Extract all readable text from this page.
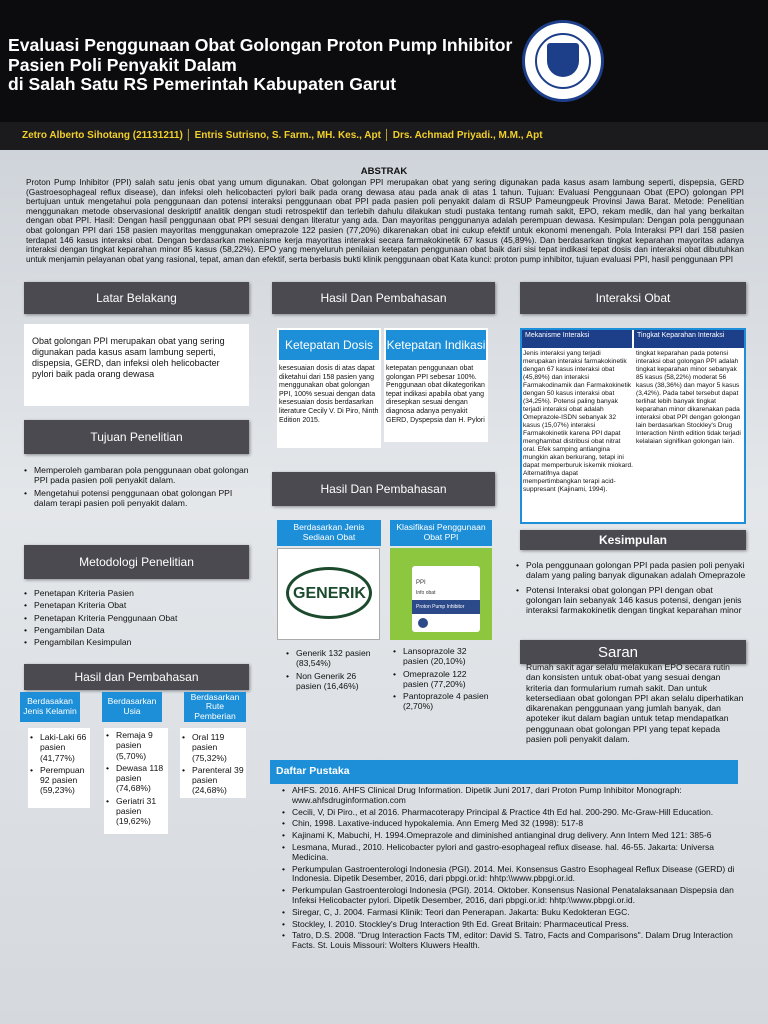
Evaluasi Penggunaan Obat Golongan Proton Pump Inhibitor
Pasien Poli Penyakit Dalam
di Salah Satu RS Pemerintah Kabupaten Garut
Zetro Alberto Sihotang (21131211) │ Entris Sutrisno, S. Farm., MH. Kes., Apt │ Drs. Achmad Priyadi., M.M., Apt
ABSTRAK
Proton Pump Inhibitor (PPI) salah satu jenis obat yang umum digunakan. Obat golongan PPI merupakan obat yang sering digunakan pada kasus asam lambung seperti, dispepsia, GERD (Gastroesophageal reflux disease), dan infeksi oleh helicobacteri pylori baik pada orang dewasa atau pada anak di atas 1 tahun. Tujuan: Evaluasi Penggunaan Obat (EPO) golongan PPI bertujuan untuk mengetahui pola penggunaan dan potensi interaksi penggunaan obat PPI pada pasien poli penyakit dalam di RSUP Pameungpeuk Provinsi Jawa Barat. Metode: Penelitian menggunakan metode observasional deskriptif analitik dengan studi retrospektif dan terlebih dahulu dilakukan studi pustaka tentang rumah sakit, EPO, rekam medik, dan hal yang berkaitan dengan obat PPI. Hasil: Dengan hasil penggunaan obat PPI sesuai dengan literatur yang ada. Dan mayoritas penggunanya adalah perempuan dewasa. Kesimpulan: Dengan pola penggunaan obat golongan PPI dari 158 pasien mayoritas menggunakan omeprazole 122 pasien (77,20%) dikarenakan obat ini cukup efektif untuk ekonomi menengah. Pola Interaksi PPI dari 158 pasien terdapat 146 kasus interaksi obat. Dengan berdasarkan mekanisme kerja mayoritas interaksi secara farmakokinetik 67 kasus (45,89%). Dan berdasarkan tingkat keparahan mayoritas adanya interaksi dengan tingkat keparahan minor 85 kasus (58,22%). EPO yang menyeluruh penilaian ketepatan penggunaan obat baik dari sisi tepat indikasi tepat dosis dan interaksi obat dibutuhkan untuk menjamin pelayanan obat yang rasional, tepat, aman dan efektif, serta berbasis bukti klinik penggunaan obat Kata kunci: proton pump inhibitor, tujuan evaluasi PPI, hasil penggunaan PPI
Latar Belakang
Obat golongan PPI merupakan obat yang sering digunakan pada kasus asam lambung seperti, dispepsia, GERD, dan infeksi oleh helicobacter pylori baik pada orang dewasa
Tujuan Penelitian
• Memperoleh gambaran pola penggunaan obat golongan PPI pada pasien poli penyakit dalam.
• Mengetahui potensi penggunaan obat golongan PPI dalam terapi pasien poli penyakit dalam.
Metodologi Penelitian
• Penetapan Kriteria Pasien
• Penetapan Kriteria Obat
• Penetapan Kriteria Penggunaan Obat
• Pengambilan Data
• Pengambilan Kesimpulan
Hasil dan Pembahasan
Berdasakan Jenis Kelamin
Berdasarkan Usia
Berdasarkan Rute Pemberian
• Laki-Laki 66 pasien (41,77%)
• Perempuan 92 pasien (59,23%)
• Remaja 9 pasien (5,70%)
• Dewasa 118 pasien (74,68%)
• Geriatri 31 pasien (19,62%)
• Oral 119 pasien (75,32%)
• Parenteral 39 pasien (24,68%)
Hasil Dan Pembahasan
Ketepatan Dosis	Ketepatan Indikasi
kesesuaian dosis di atas dapat diketahui dari 158 pasien yang menggunakan obat golongan PPI, 100% sesuai dengan data kesesuaian dosis berdasarkan literature Cecily V. Di Piro, Ninth Edition 2015.
ketepatan penggunaan obat golongan PPI sebesar 100%. Penggunaan obat dikategorikan tepat indikasi apabila obat yang diresepkan sesuai dengan diagnosa adanya penyakit GERD, Dyspepsia dan H. Pylori
Hasil Dan Pembahasan
Berdasarkan Jenis Sediaan Obat
Klasifikasi Penggunaan Obat PPI
GENERIK
PPI
Info obat
Proton Pump Inhibitor
• Generik 132 pasien (83,54%)
• Non Generik 26 pasien (16,46%)
• Lansoprazole 32 pasien (20,10%)
• Omeprazole 122 pasien (77,20%)
• Pantoprazole 4 pasien (2,70%)
Interaksi Obat
Mekanisme Interaksi	Tingkat Keparahan Interaksi
Jenis interaksi yang terjadi merupakan interaksi farmakokinetik dengan 67 kasus interaksi obat (45,89%) dan interaksi Farmakodinamik dan Farmakokinetik dengan 50 kasus interaksi obat (34,25%). Potensi paling banyak terjadi interaksi obat adalah Omeprazole-ISDN sebanyak 32 kasus (15,07%) interaksi Farmakokinetik karena PPI dapat menghambat distribusi obat nitrat oral. Efek samping antiangina mungkin akan berkurang, tetapi ini dapat memperburuk iskemik miokard. Alternatifnya dapat mempertimbangkan terapi acid-suppresant (Kajinami, 1994).
tingkat keparahan pada potensi interaksi obat golongan PPI adalah tingkat keparahan minor sebanyak 85 kasus (58,22%) moderat 56 kasus (38,36%) dan mayor 5 kasus (3,42%). Pada tabel tersebut dapat terlihat lebih banyak tingkat keparahan minor dikarenakan pada interaksi obat PPI dengan golongan lain berdasarkan Stockley's Drug Interaction Ninth edition tidak terjadi kelalaian signifikan golongan lain.
Kesimpulan
• Pola penggunaan golongan PPI pada pasien poli penyaki dalam yang paling banyak digunakan adalah Omeprazole
• Potensi Interaksi obat golongan PPI dengan obat golongan lain sebanyak 146 kasus potensi, dengan jenis interaksi farmakokinetik dengan tingkat keparahan minor
Saran
Rumah sakit agar selalu melakukan EPO secara rutin dan konsisten untuk obat-obat yang sesuai dengan kriteria dan formularium rumah sakit. Dan untuk ketersediaan obat golongan PPI akan selalu diperhatikan dikarenakan penggunaan yang jumlah banyak, dan apoteker ikut dalam bagian untuk tetap mendapatkan penggunaan obat golongan PPI yang tepat kepada pasien poli penyakit dalam.
Daftar Pustaka
• AHFS. 2016. AHFS Clinical Drug Information. Dipetik Juni 2017, dari Proton Pump Inhibitor Monograph: www.ahfsdruginformation.com
• Cecili, V, Di Piro., et al 2016. Pharmacoterapy Principal & Practice 4th Ed hal. 200-290. Mc-Graw-Hill Education.
• Chin, 1998. Laxative-induced hypokalemia. Ann Emerg Med 32 (1998): 517-8
• Kajinami K, Mabuchi, H. 1994.Omeprazole and diminished antianginal drug delivery. Ann Intern Med 121: 385-6
• Lesmana, Murad., 2010. Helicobacter pylori and gastro-esophageal reflux disease. hal. 46-55. Jakarta: Universa Medicina.
• Perkumpulan Gastroenterologi Indonesia (PGI). 2014. Mei. Konsensus Gastro Esophageal Reflux Disease (GERD) di Indonesia. Dipetik Desember, 2016, dari pbpgi.or.id: hhtp:\\www.pbpgi.or.id.
• Perkumpulan Gastroenterologi Indonesia (PGI). 2014. Oktober. Konsensus Nasional Penatalaksanaan Dispepsia dan Infeksi Helicobacter pylori. Dipetik Desember, 2016, dari pbpgi.or.id: hhtp:\\www.pbpgi.or.id.
• Siregar, C, J. 2004. Farmasi Klinik: Teori dan Penerapan. Jakarta: Buku Kedokteran EGC.
• Stockley, I. 2010. Stockley's Drug Interaction 9th Ed. Great Britain: Pharmaceutical Press.
• Tatro, D.S. 2008. "Drug Interaction Facts TM, editor: David S. Tatro, Facts and Comparisons". Dalam Drug Interaction Facts. St. Louis Missouri: Wolters Kluwers Health.
